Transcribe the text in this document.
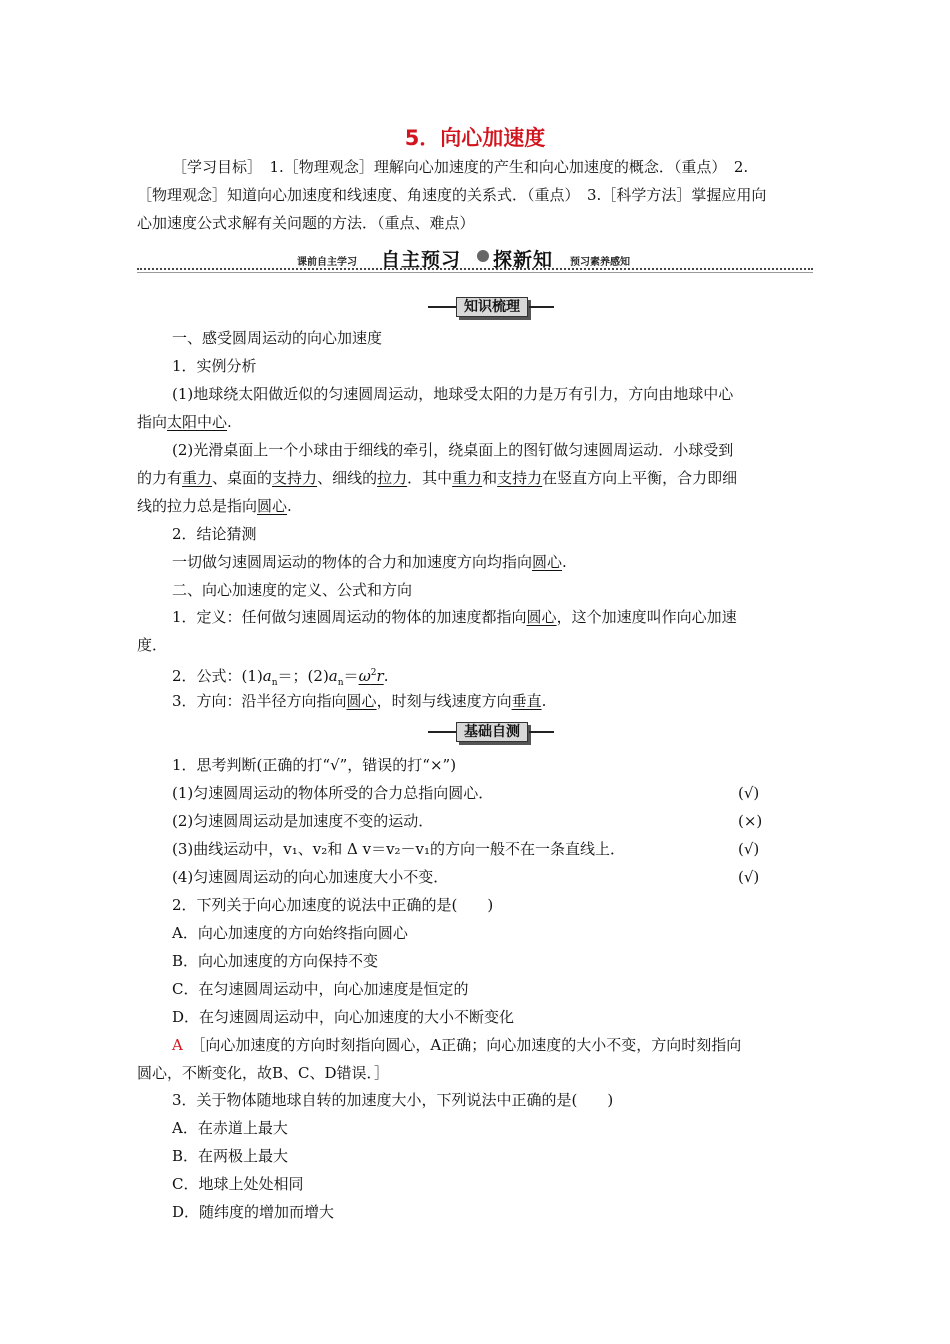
5．向心加速度
［学习目标］　1.［物理观念］理解向心加速度的产生和向心加速度的概念．（重点）　2.
［物理观念］知道向心加速度和线速度、角速度的关系式．（重点）　3.［科学方法］掌握应用向
心加速度公式求解有关问题的方法．（重点、难点）
课前自主学习 自主预习 探新知 预习素养感知
知识梳理
一、感受圆周运动的向心加速度
1．实例分析
(1)地球绕太阳做近似的匀速圆周运动，地球受太阳的力是万有引力，方向由地球中心
指向太阳中心.
(2)光滑桌面上一个小球由于细线的牵引，绕桌面上的图钉做匀速圆周运动．小球受到
的力有重力、桌面的支持力、细线的拉力．其中重力和支持力在竖直方向上平衡，合力即细
线的拉力总是指向圆心.
2．结论猜测
一切做匀速圆周运动的物体的合力和加速度方向均指向圆心.
二、向心加速度的定义、公式和方向
1．定义：任何做匀速圆周运动的物体的加速度都指向圆心，这个加速度叫作向心加速
度．
2．公式：$(1)a_n=$；$(2)a_n=\omega^2r$.
3．方向：沿半径方向指向圆心，时刻与线速度方向垂直.
基础自测
1．思考判断(正确的打“√”，错误的打“×”)
(1)匀速圆周运动的物体所受的合力总指向圆心．	(√)
(2)匀速圆周运动是加速度不变的运动．	(×)
(3)曲线运动中，v₁、v₂和 Δ v＝v₂－v₁的方向一般不在一条直线上．	(√)
(4)匀速圆周运动的向心加速度大小不变．	(√)
2．下列关于向心加速度的说法中正确的是(　　)
A．向心加速度的方向始终指向圆心
B．向心加速度的方向保持不变
C．在匀速圆周运动中，向心加速度是恒定的
D．在匀速圆周运动中，向心加速度的大小不断变化
A　 ［向心加速度的方向时刻指向圆心，A正确；向心加速度的大小不变，方向时刻指向
圆心，不断变化，故B、C、D错误．］
3．关于物体随地球自转的加速度大小，下列说法中正确的是(　　)
A．在赤道上最大
B．在两极上最大
C．地球上处处相同
D．随纬度的增加而增大
